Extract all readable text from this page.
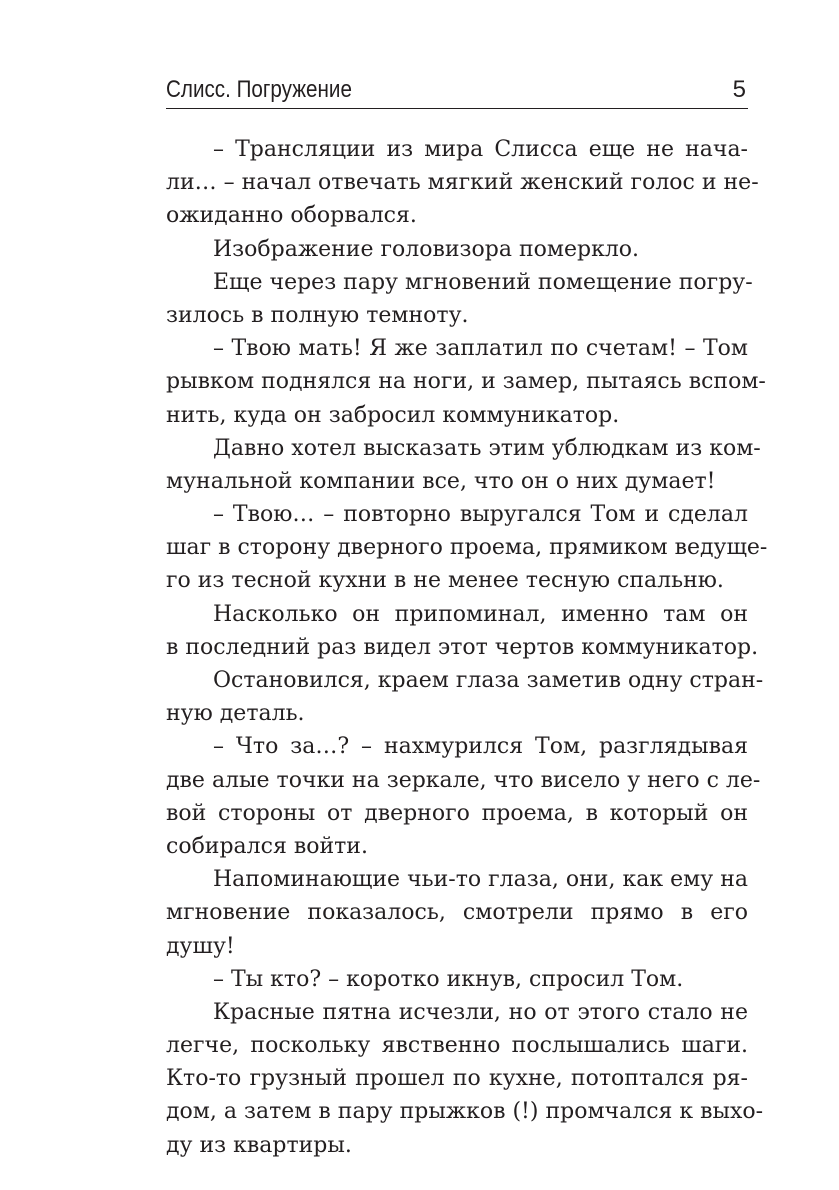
Слисс. Погружение	5
– Трансляции из мира Слисса еще не нача-
ли… – начал отвечать мягкий женский голос и не-
ожиданно оборвался.
Изображение головизора померкло.
Еще через пару мгновений помещение погру-
зилось в полную темноту.
– Твою мать! Я же заплатил по счетам! – Том
рывком поднялся на ноги, и замер, пытаясь вспом-
нить, куда он забросил коммуникатор.
Давно хотел высказать этим ублюдкам из ком-
мунальной компании все, что он о них думает!
– Твою… – повторно выругался Том и сделал
шаг в сторону дверного проема, прямиком ведуще-
го из тесной кухни в не менее тесную спальню.
Насколько он припоминал, именно там он
в последний раз видел этот чертов коммуникатор.
Остановился, краем глаза заметив одну стран-
ную деталь.
– Что за…? – нахмурился Том, разглядывая
две алые точки на зеркале, что висело у него с ле-
вой стороны от дверного проема, в который он
собирался войти.
Напоминающие чьи-то глаза, они, как ему на
мгновение показалось, смотрели прямо в его
душу!
– Ты кто? – коротко икнув, спросил Том.
Красные пятна исчезли, но от этого стало не
легче, поскольку явственно послышались шаги.
Кто-то грузный прошел по кухне, потоптался ря-
дом, а затем в пару прыжков (!) промчался к выхо-
ду из квартиры.
